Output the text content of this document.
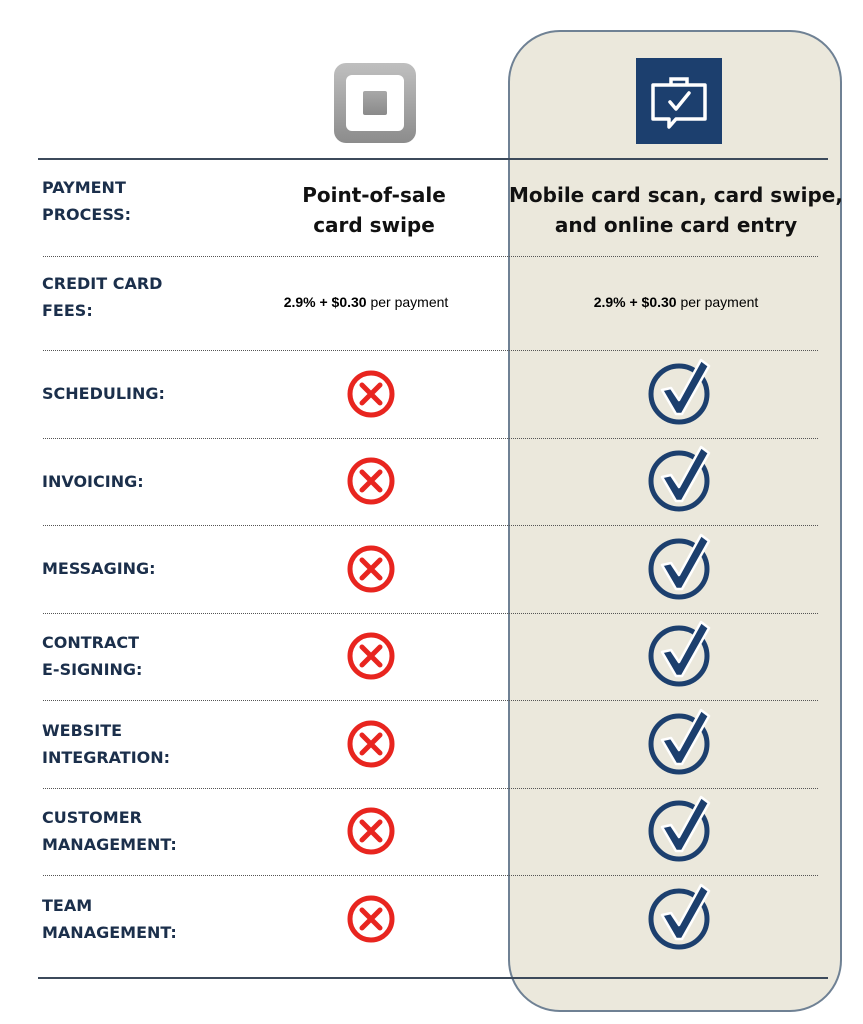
PAYMENT
PROCESS:
Point-of-sale
card swipe
Mobile card scan, card swipe,
and online card entry
CREDIT CARD
FEES:	2.9% + $0.30 per payment	2.9% + $0.30 per payment
SCHEDULING:
INVOICING:
MESSAGING:
CONTRACT
E-SIGNING:
WEBSITE
INTEGRATION:
CUSTOMER
MANAGEMENT:
TEAM
MANAGEMENT:
